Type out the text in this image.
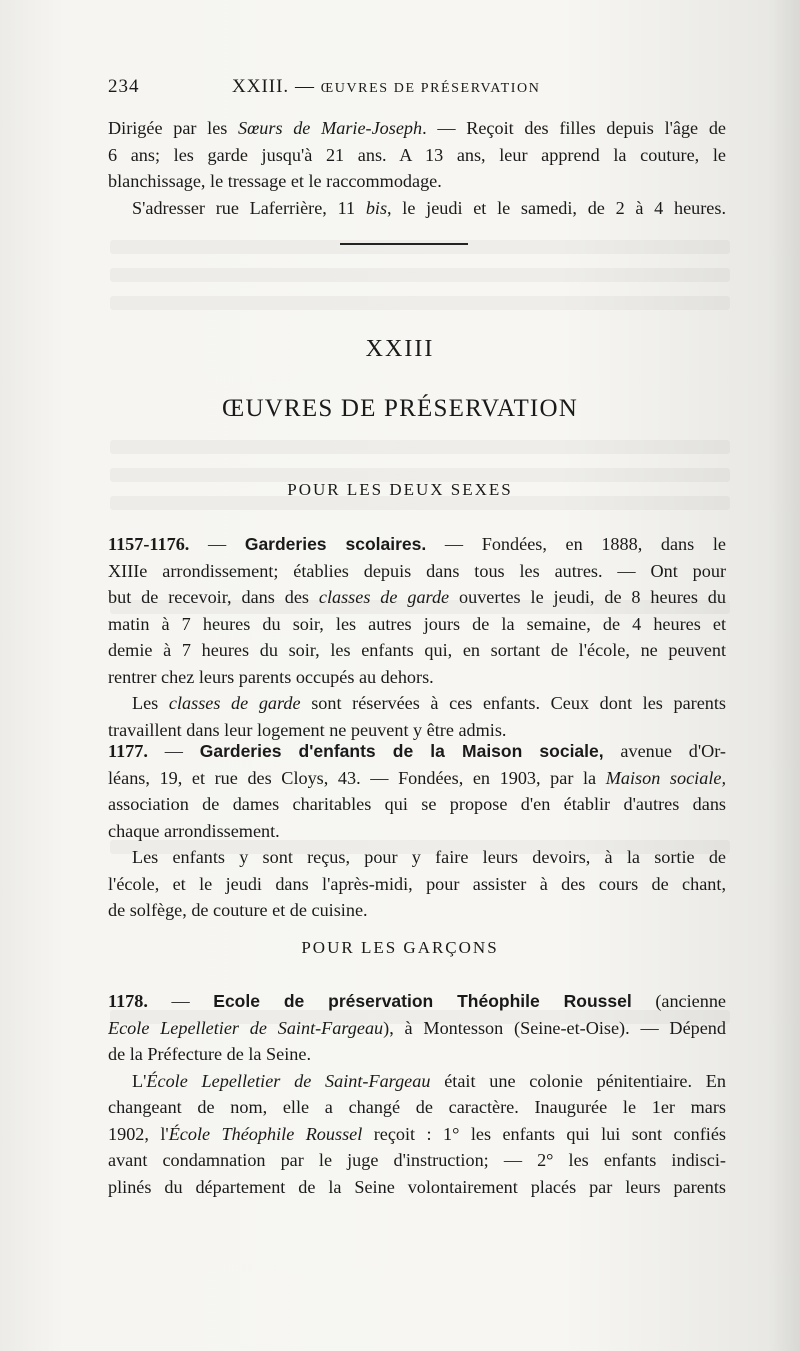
234	XXIII. — ŒUVRES DE PRÉSERVATION

Dirigée par les Sœurs de Marie-Joseph. — Reçoit des filles depuis l'âge de

6 ans; les garde jusqu'à 21 ans. A 13 ans, leur apprend la couture, le

blanchissage, le tressage et le raccommodage.

S'adresser rue Laferrière, 11 bis, le jeudi et le samedi, de 2 à 4 heures.

XXIII
ŒUVRES DE PRÉSERVATION
POUR LES DEUX SEXES

1157-1176. — Garderies scolaires. — Fondées, en 1888, dans le

XIIIe arrondissement; établies depuis dans tous les autres. — Ont pour

but de recevoir, dans des classes de garde ouvertes le jeudi, de 8 heures du

matin à 7 heures du soir, les autres jours de la semaine, de 4 heures et

demie à 7 heures du soir, les enfants qui, en sortant de l'école, ne peuvent

rentrer chez leurs parents occupés au dehors.

Les classes de garde sont réservées à ces enfants. Ceux dont les parents

travaillent dans leur logement ne peuvent y être admis.

1177. — Garderies d'enfants de la Maison sociale, avenue d'Or-

léans, 19, et rue des Cloys, 43. — Fondées, en 1903, par la Maison sociale,

association de dames charitables qui se propose d'en établir d'autres dans

chaque arrondissement.

Les enfants y sont reçus, pour y faire leurs devoirs, à la sortie de

l'école, et le jeudi dans l'après-midi, pour assister à des cours de chant,

de solfège, de couture et de cuisine.

POUR LES GARÇONS

1178. — Ecole de préservation Théophile Roussel (ancienne

Ecole Lepelletier de Saint-Fargeau), à Montesson (Seine-et-Oise). — Dépend

de la Préfecture de la Seine.

L'École Lepelletier de Saint-Fargeau était une colonie pénitentiaire. En

changeant de nom, elle a changé de caractère. Inaugurée le 1er mars

1902, l'École Théophile Roussel reçoit : 1° les enfants qui lui sont confiés

avant condamnation par le juge d'instruction; — 2° les enfants indisci-

plinés du département de la Seine volontairement placés par leurs parents
